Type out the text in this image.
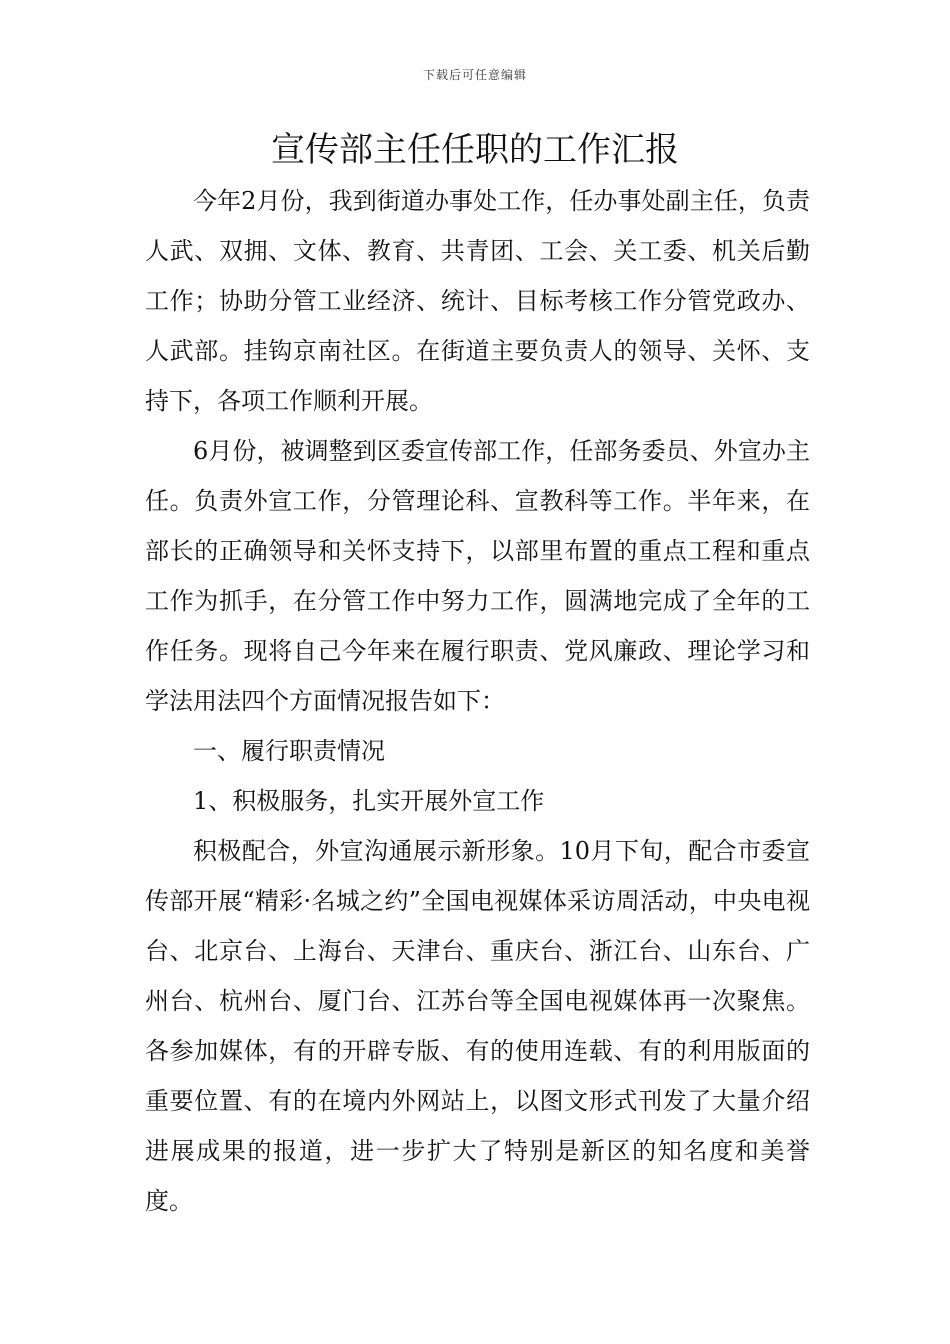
下载后可任意编辑
宣传部主任任职的工作汇报

今年2月份，我到街道办事处工作，任办事处副主任，负责人武、双拥、文体、教育、共青团、工会、关工委、机关后勤工作；协助分管工业经济、统计、目标考核工作分管党政办、人武部。挂钩京南社区。在街道主要负责人的领导、关怀、支持下，各项工作顺利开展。

6月份，被调整到区委宣传部工作，任部务委员、外宣办主任。负责外宣工作，分管理论科、宣教科等工作。半年来，在部长的正确领导和关怀支持下，以部里布置的重点工程和重点工作为抓手，在分管工作中努力工作，圆满地完成了全年的工作任务。现将自己今年来在履行职责、党风廉政、理论学习和学法用法四个方面情况报告如下：

一、履行职责情况

1、积极服务，扎实开展外宣工作

积极配合，外宣沟通展示新形象。10月下旬，配合市委宣传部开展“精彩·名城之约”全国电视媒体采访周活动，中央电视台、北京台、上海台、天津台、重庆台、浙江台、山东台、广州台、杭州台、厦门台、江苏台等全国电视媒体再一次聚焦。各参加媒体，有的开辟专版、有的使用连载、有的利用版面的重要位置、有的在境内外网站上，以图文形式刊发了大量介绍进展成果的报道，进一步扩大了特别是新区的知名度和美誉度。
